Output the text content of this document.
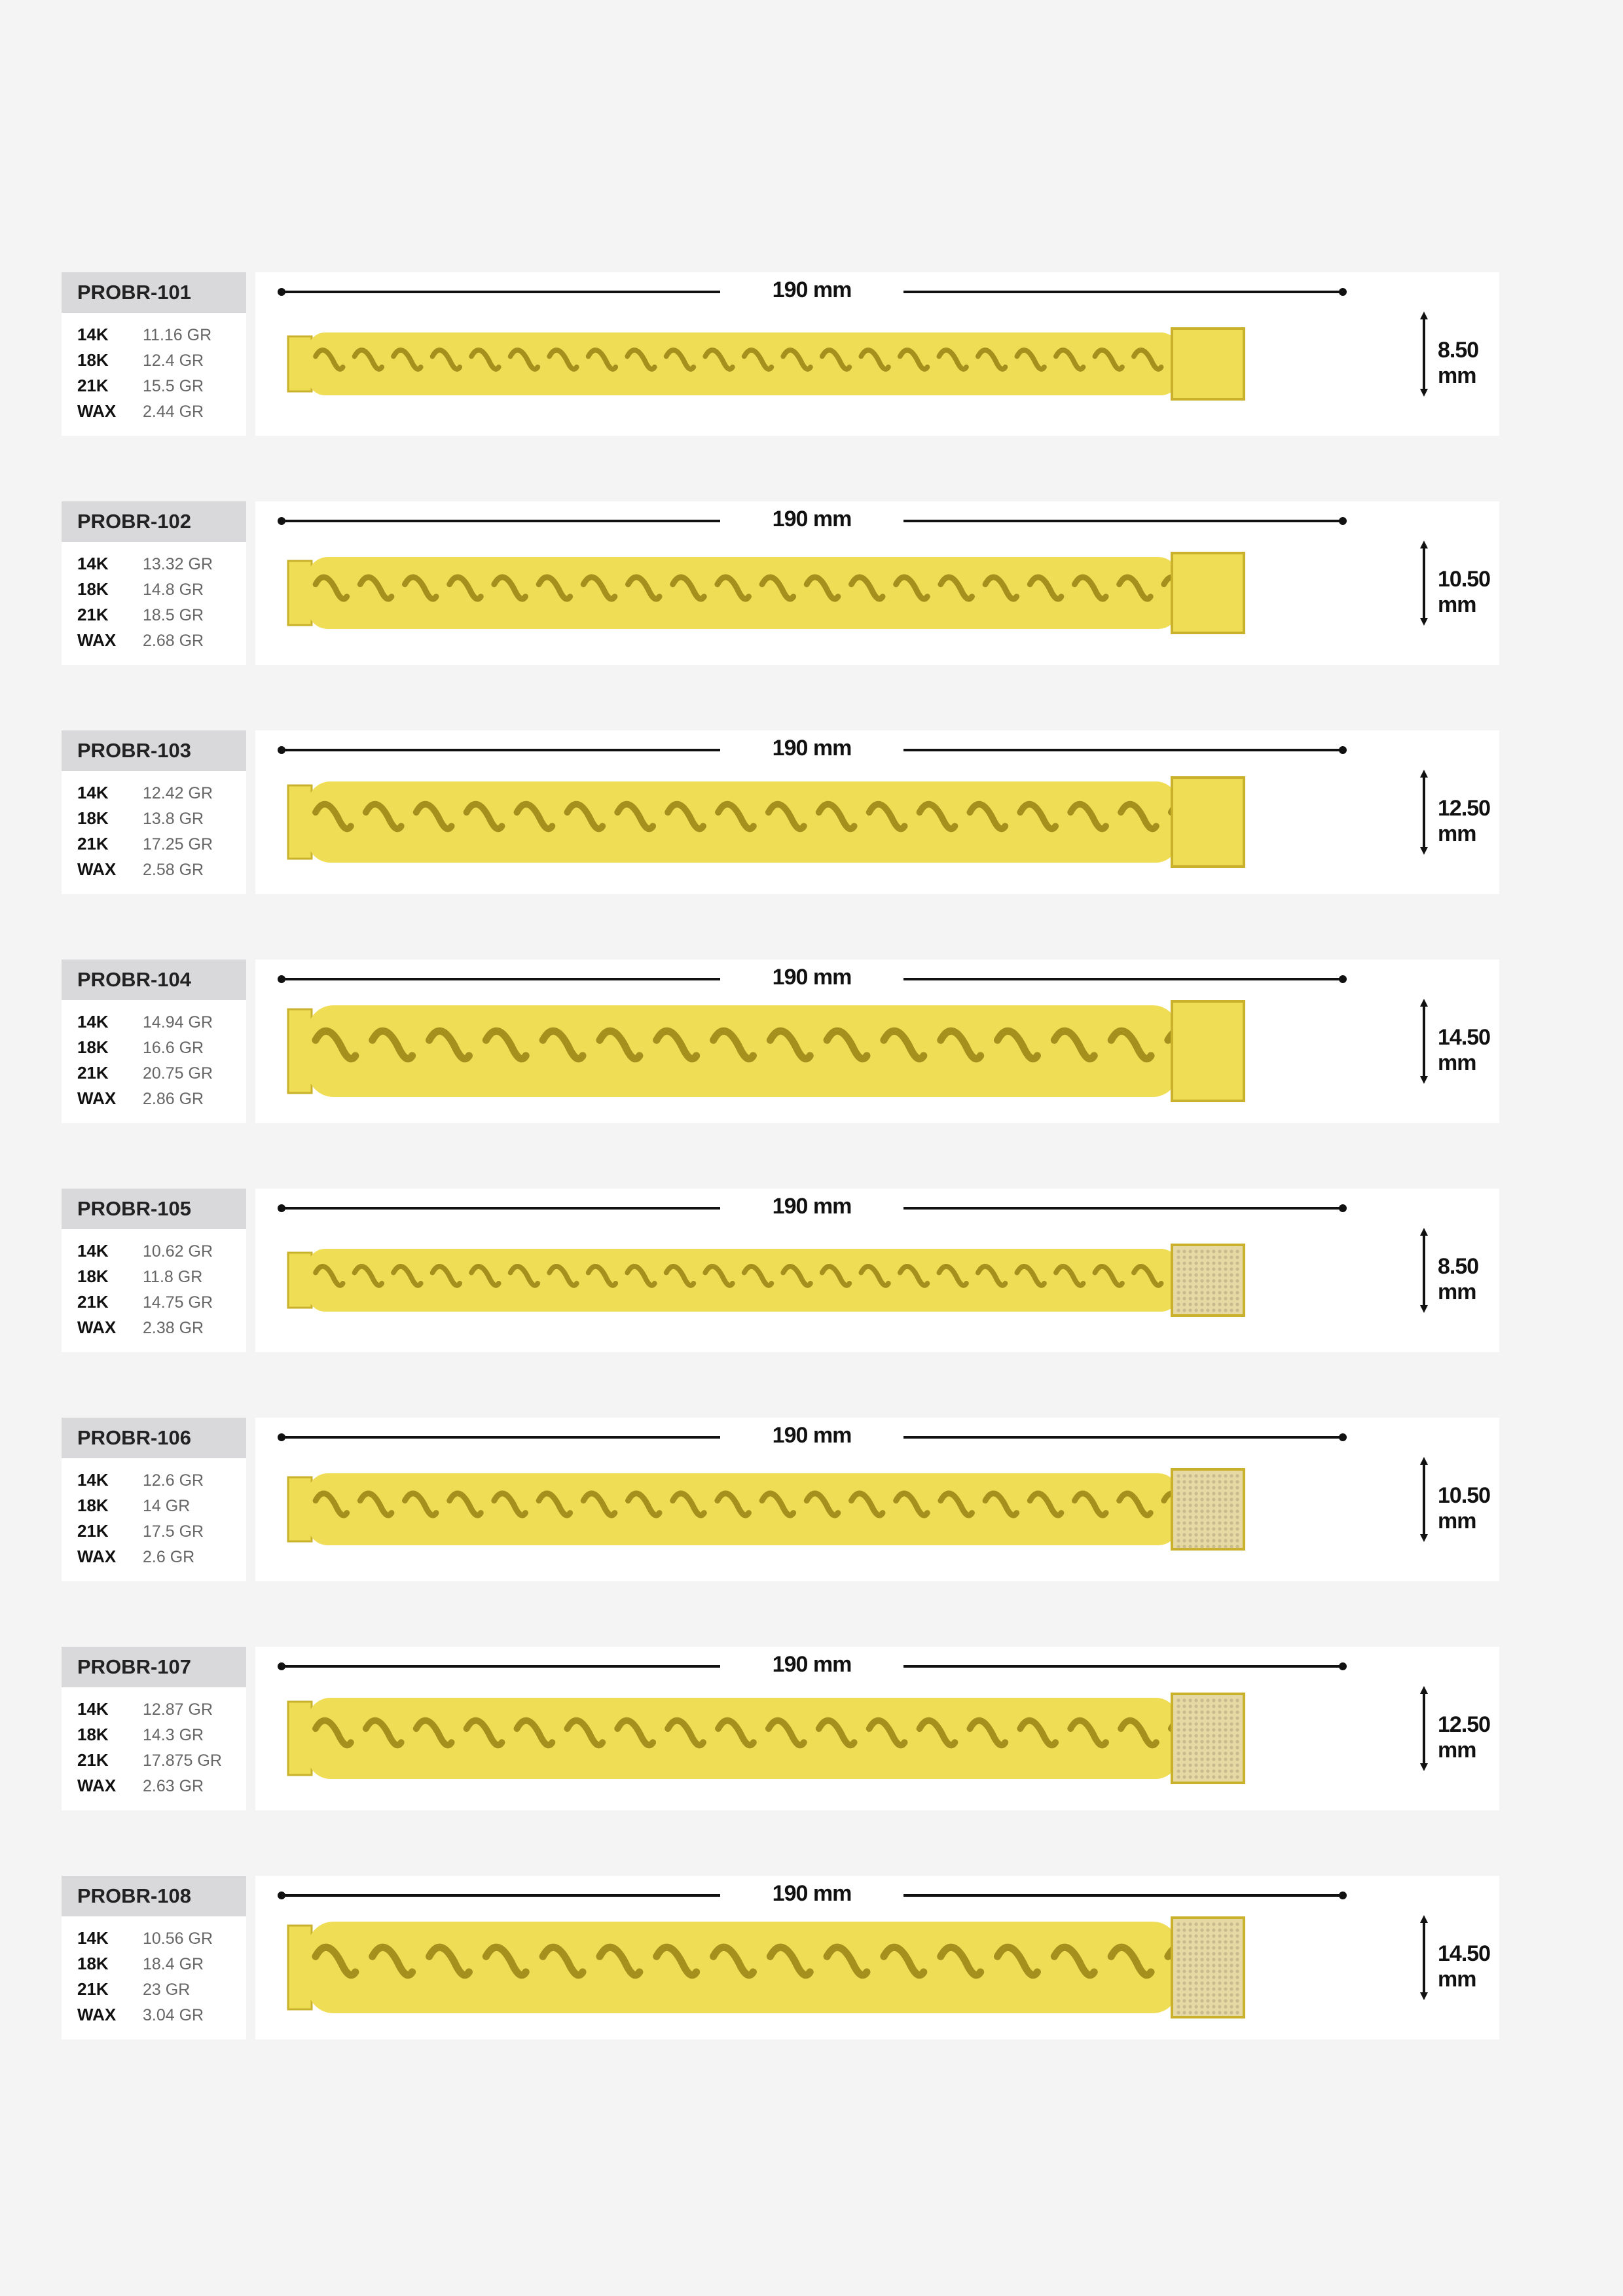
PROBR-101
14K 11.16 GR
18K 12.4 GR
21K 15.5 GR
WAX 2.44 GR
190 mm
8.50 mm
PROBR-102
14K 13.32 GR
18K 14.8 GR
21K 18.5 GR
WAX 2.68 GR
190 mm
10.50 mm
PROBR-103
14K 12.42 GR
18K 13.8 GR
21K 17.25 GR
WAX 2.58 GR
190 mm
12.50 mm
PROBR-104
14K 14.94 GR
18K 16.6 GR
21K 20.75 GR
WAX 2.86 GR
190 mm
14.50 mm
PROBR-105
14K 10.62 GR
18K 11.8 GR
21K 14.75 GR
WAX 2.38 GR
190 mm
8.50 mm
PROBR-106
14K 12.6 GR
18K 14 GR
21K 17.5 GR
WAX 2.6 GR
190 mm
10.50 mm
PROBR-107
14K 12.87 GR
18K 14.3 GR
21K 17.875 GR
WAX 2.63 GR
190 mm
12.50 mm
PROBR-108
14K 10.56 GR
18K 18.4 GR
21K 23 GR
WAX 3.04 GR
190 mm
14.50 mm
